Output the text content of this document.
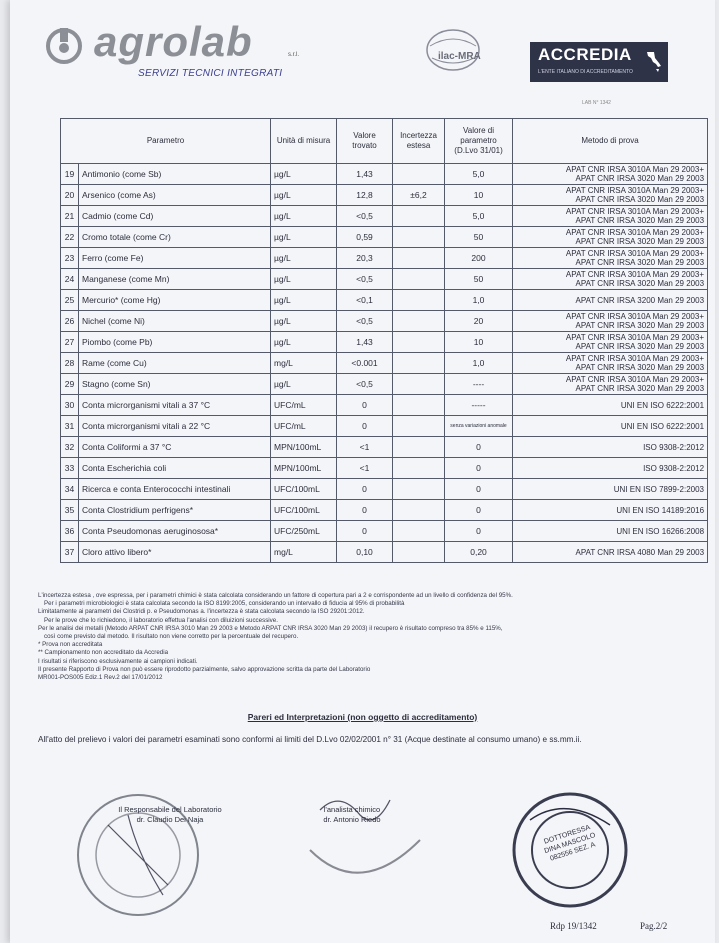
agrolab	s.r.l.
SERVIZI TECNICI INTEGRATI
ilac-MRA	ACCREDIA
L'ENTE ITALIANO DI ACCREDITAMENTO
LAB N° 1342
Parametro		Unità di misura	Valore trovato	Incertezza estesa	Valore di parametro (D.Lvo 31/01)	Metodo di prova
19	Antimonio (come Sb)	µg/L	1,43		5,0	APAT CNR IRSA 3010A Man 29 2003+
APAT CNR IRSA 3020 Man 29 2003

20	Arsenico (come As)	µg/L	12,8	±6,2	10	APAT CNR IRSA 3010A Man 29 2003+
APAT CNR IRSA 3020 Man 29 2003

21	Cadmio (come Cd)	µg/L	<0,5		5,0	APAT CNR IRSA 3010A Man 29 2003+
APAT CNR IRSA 3020 Man 29 2003

22	Cromo totale (come Cr)	µg/L	0,59		50	APAT CNR IRSA 3010A Man 29 2003+
APAT CNR IRSA 3020 Man 29 2003

23	Ferro (come Fe)	µg/L	20,3		200	APAT CNR IRSA 3010A Man 29 2003+
APAT CNR IRSA 3020 Man 29 2003

24	Manganese (come Mn)	µg/L	<0,5		50	APAT CNR IRSA 3010A Man 29 2003+
APAT CNR IRSA 3020 Man 29 2003

25	Mercurio* (come Hg)	µg/L	<0,1		1,0	APAT CNR IRSA 3200 Man 29 2003

26	Nichel (come Ni)	µg/L	<0,5		20	APAT CNR IRSA 3010A Man 29 2003+
APAT CNR IRSA 3020 Man 29 2003

27	Piombo (come Pb)	µg/L	1,43		10	APAT CNR IRSA 3010A Man 29 2003+
APAT CNR IRSA 3020 Man 29 2003

28	Rame (come Cu)	mg/L	<0.001		1,0	APAT CNR IRSA 3010A Man 29 2003+
APAT CNR IRSA 3020 Man 29 2003

29	Stagno (come Sn)	µg/L	<0,5		----	APAT CNR IRSA 3010A Man 29 2003+
APAT CNR IRSA 3020 Man 29 2003

30	Conta microrganismi vitali a 37 °C	UFC/mL	0		-----	UNI EN ISO 6222:2001

31	Conta microrganismi vitali a 22 °C	UFC/mL	0		senza variazioni anomale	UNI EN ISO 6222:2001

32	Conta Coliformi a 37 °C	MPN/100mL	<1		0	ISO 9308-2:2012

33	Conta Escherichia coli	MPN/100mL	<1		0	ISO 9308-2:2012

34	Ricerca e conta Enterococchi intestinali	UFC/100mL	0		0	UNI EN ISO 7899-2:2003

35	Conta Clostridium perfrigens*	UFC/100mL	0		0	UNI EN ISO 14189:2016

36	Conta Pseudomonas aeruginososa*	UFC/250mL	0		0	UNI EN ISO 16266:2008

37	Cloro attivo libero*	mg/L	0,10		0,20	APAT CNR IRSA 4080 Man 29 2003
L'incertezza estesa , ove espressa, per i parametri chimici è stata calcolata considerando un fattore di copertura pari a 2 e corrispondente ad un livello di confidenza del 95%.
Per i parametri microbiologici è stata calcolata secondo la ISO 8199:2005, considerando un intervallo di fiducia al 95% di probabilità
Limitatamente ai parametri dei Clostridi p. e Pseudomonas a. l'incertezza è stata calcolata secondo la ISO 29201:2012.
Per le prove che lo richiedono, il laboratorio effettua l'analisi con diluizioni successive.
Per le analisi dei metalli (Metodo ARPAT CNR IRSA 3010 Man 29 2003 e Metodo ARPAT CNR IRSA 3020 Man 29 2003) il recupero è risultato compreso tra 85% e 115%,
così come previsto dal metodo. Il risultato non viene corretto per la percentuale del recupero.
* Prova non accreditata
** Campionamento non accreditato da Accredia
I risultati si riferiscono esclusivamente ai campioni indicati.
Il presente Rapporto di Prova non può essere riprodotto parzialmente, salvo approvazione scritta da parte del Laboratorio
MR001-POS005 Ediz.1 Rev.2 del 17/01/2012
Pareri ed Interpretazioni (non oggetto di accreditamento)
All'atto del prelievo i valori dei parametri esaminati sono conformi ai limiti del D.Lvo 02/02/2001 n° 31 (Acque destinate al consumo umano) e ss.mm.ii.
Il Responsabile del Laboratorio
dr. Claudio Dei Naja
l'analista chimico
dr. Antonio Riedo
DOTTORESSA DINA MASCOLO 082556 SEZ. A
Rdp 19/1342	Pag.2/2
